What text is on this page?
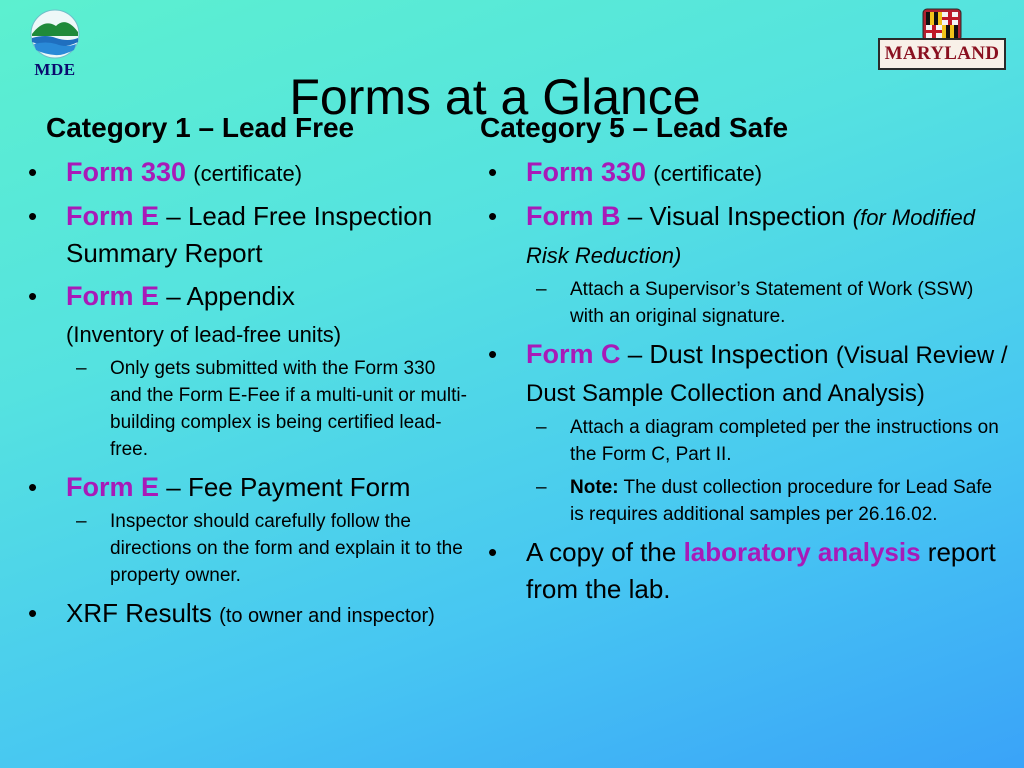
MDE
MARYLAND
Forms at a Glance
Category 1 – Lead Free
• Form 330 (certificate)
• Form E – Lead Free Inspection Summary Report
• Form E – Appendix
(Inventory of lead-free units)
– Only gets submitted with the Form 330 and the Form E-Fee if a multi-unit or multi-building complex is being certified lead-free.
• Form E – Fee Payment Form
– Inspector should carefully follow the directions on the form and explain it to the property owner.
• XRF Results (to owner and inspector)
Category 5 – Lead Safe
• Form 330 (certificate)
• Form B – Visual Inspection (for Modified Risk Reduction)
– Attach a Supervisor’s Statement of Work (SSW) with an original signature.
• Form C – Dust Inspection (Visual Review / Dust Sample Collection and Analysis)
– Attach a diagram completed per the instructions on the Form C, Part II.
– Note: The dust collection procedure for Lead Safe is requires additional samples per 26.16.02.
• A copy of the laboratory analysis report from the lab.
